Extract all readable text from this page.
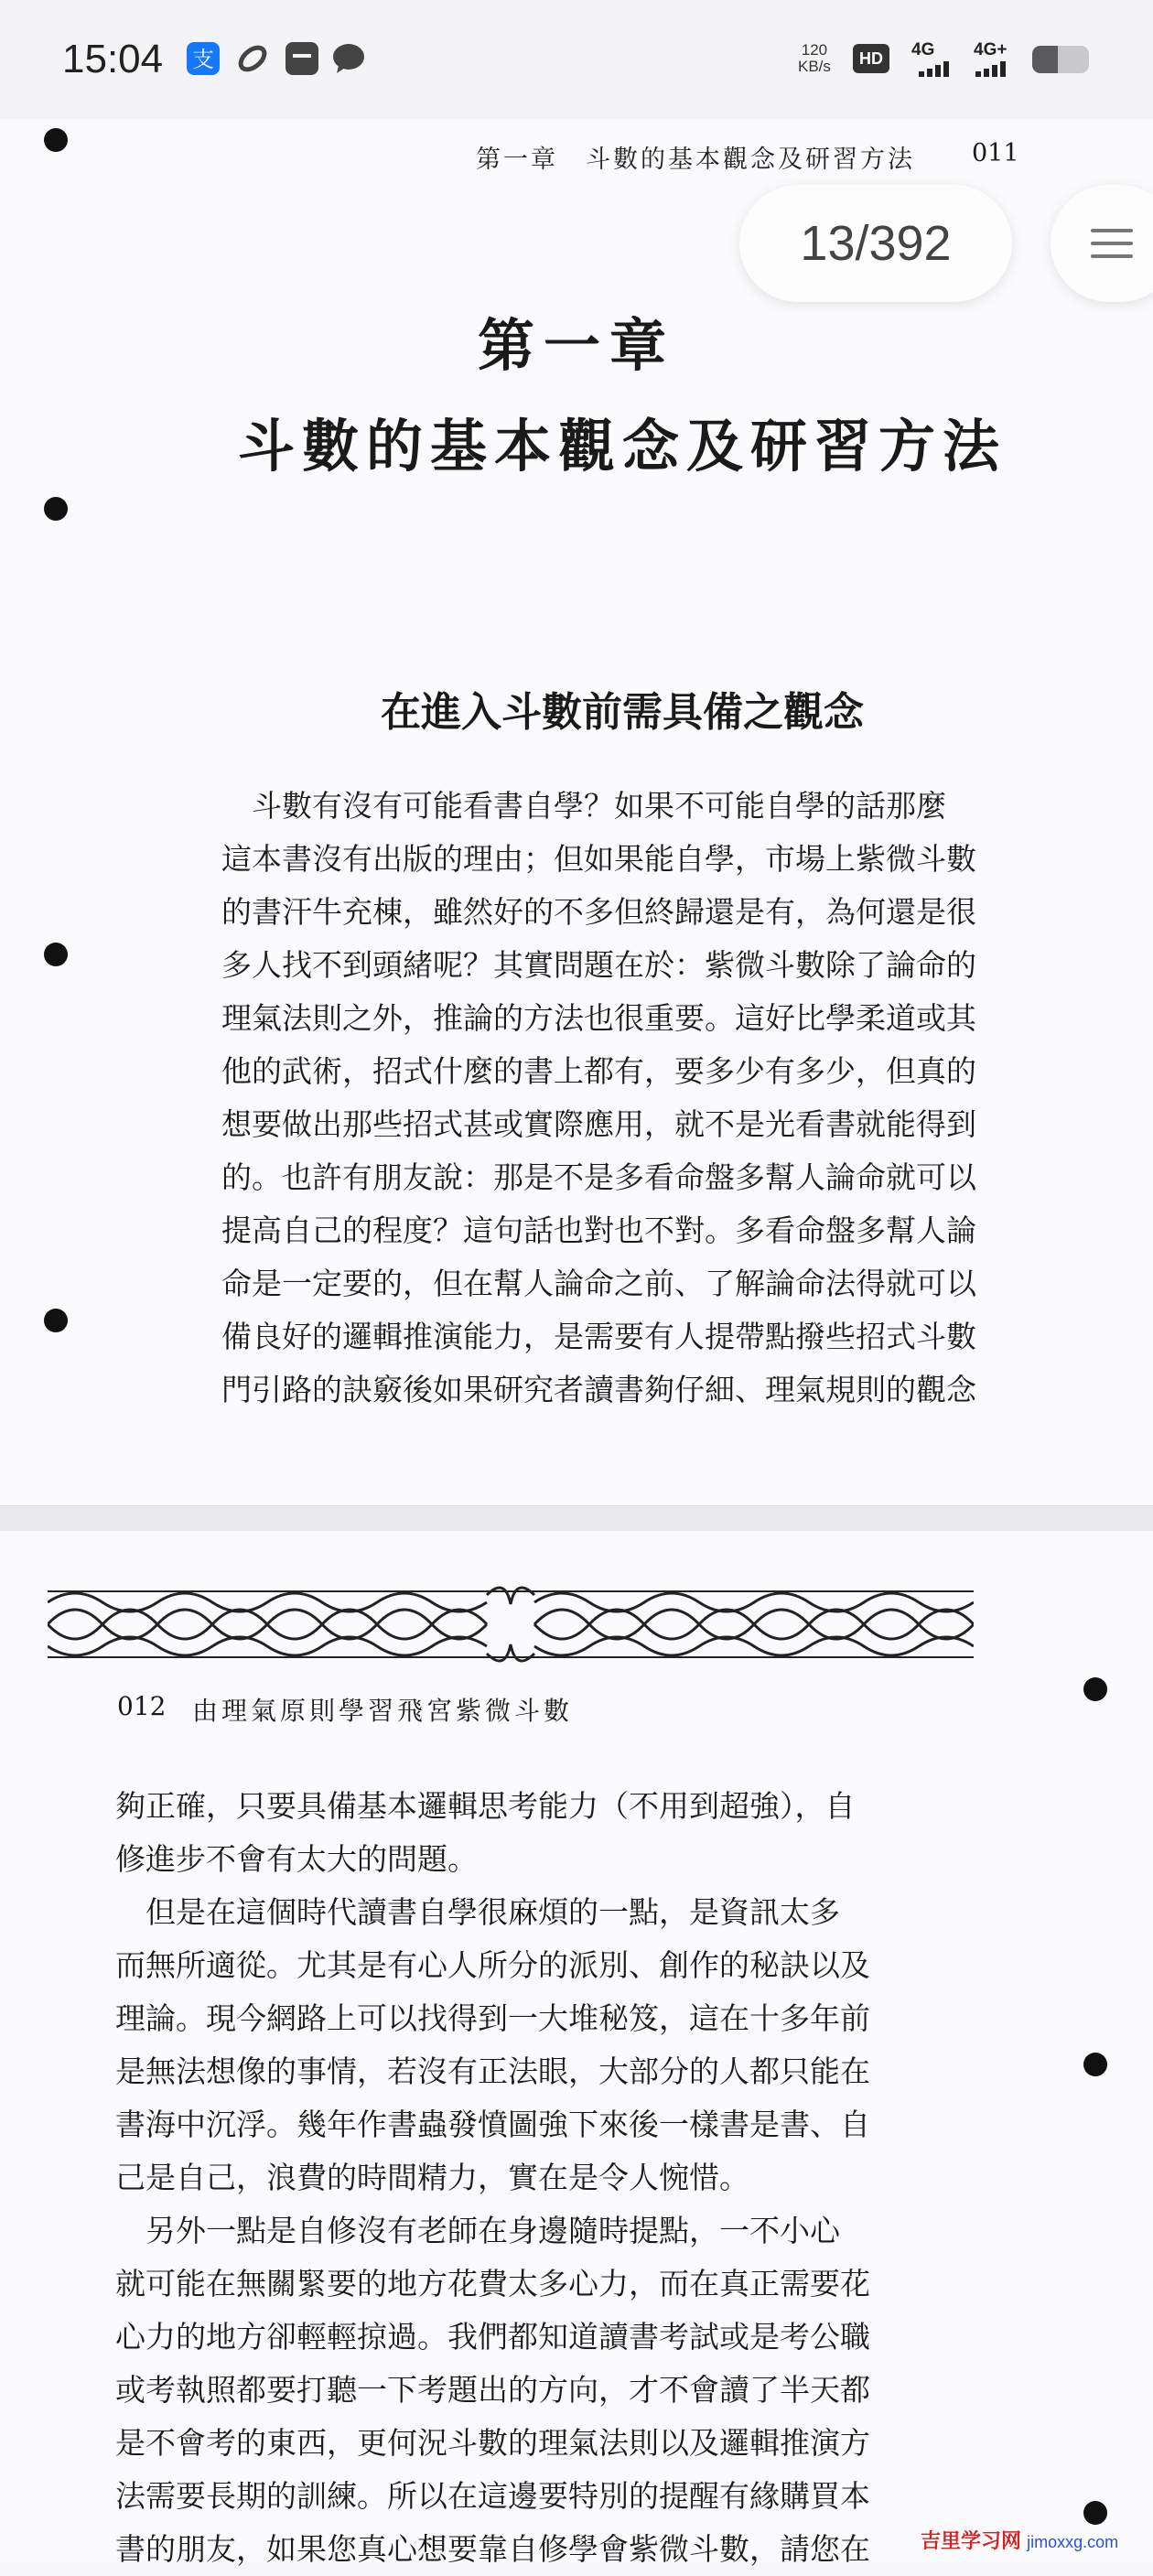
15:04 支	120
KB/s	HD	4G 4G+
第一章　斗數的基本觀念及研習方法 011
第一章
斗數的基本觀念及研習方法
在進入斗數前需具備之觀念
　斗數有沒有可能看書自學？如果不可能自學的話那麼
這本書沒有出版的理由；但如果能自學，市場上紫微斗數
的書汗牛充棟，雖然好的不多但終歸還是有，為何還是很
多人找不到頭緒呢？其實問題在於：紫微斗數除了論命的
理氣法則之外，推論的方法也很重要。這好比學柔道或其
他的武術，招式什麼的書上都有，要多少有多少，但真的
想要做出那些招式甚或實際應用，就不是光看書就能得到
的。也許有朋友說：那是不是多看命盤多幫人論命就可以
提高自己的程度？這句話也對也不對。多看命盤多幫人論
命是一定要的，但在幫人論命之前、了解論命法得就可以
備良好的邏輯推演能力，是需要有人提帶點撥些招式斗數
門引路的訣竅後如果研究者讀書夠仔細、理氣規則的觀念
13/392
012 由理氣原則學習飛宮紫微斗數
夠正確，只要具備基本邏輯思考能力（不用到超強），自
修進步不會有太大的問題。
　但是在這個時代讀書自學很麻煩的一點，是資訊太多
而無所適從。尤其是有心人所分的派別、創作的秘訣以及
理論。現今網路上可以找得到一大堆秘笈，這在十多年前
是無法想像的事情，若沒有正法眼，大部分的人都只能在
書海中沉浮。幾年作書蟲發憤圖強下來後一樣書是書、自
己是自己，浪費的時間精力，實在是令人惋惜。
　另外一點是自修沒有老師在身邊隨時提點，一不小心
就可能在無關緊要的地方花費太多心力，而在真正需要花
心力的地方卻輕輕掠過。我們都知道讀書考試或是考公職
或考執照都要打聽一下考題出的方向，才不會讀了半天都
是不會考的東西，更何況斗數的理氣法則以及邏輯推演方
法需要長期的訓練。所以在這邊要特別的提醒有緣購買本
書的朋友，如果您真心想要靠自修學會紫微斗數，請您在	吉里学习网 jimoxxg.com
